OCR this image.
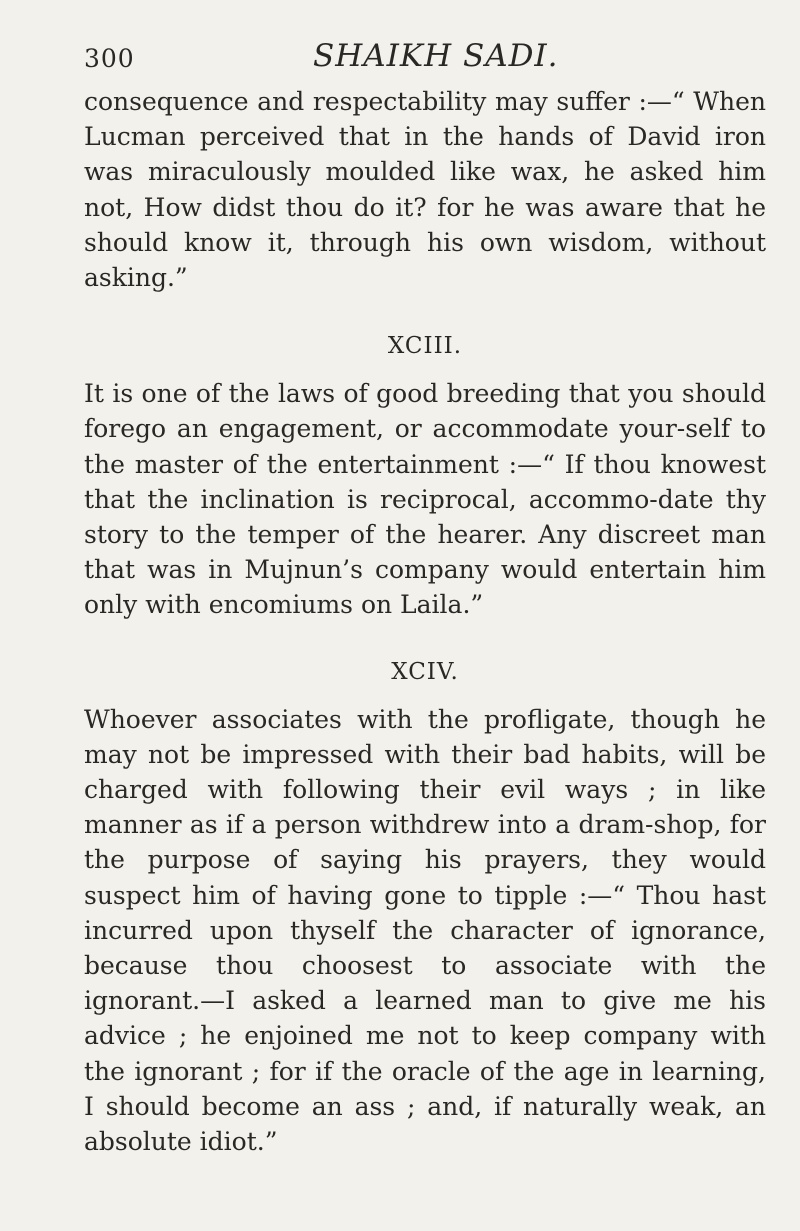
300	SHAIKH SADI.

consequence and respectability may suffer :—“ When Lucman perceived that in the hands of David iron was miraculously moulded like wax, he asked him not, How didst thou do it? for he was aware that he should know it, through his own wisdom, without asking.”

XCIII.

It is one of the laws of good breeding that you should forego an engagement, or accommodate your-self to the master of the entertainment :—“ If thou knowest that the inclination is reciprocal, accommo-date thy story to the temper of the hearer. Any discreet man that was in Mujnun’s company would entertain him only with encomiums on Laila.”

XCIV.

Whoever associates with the profligate, though he may not be impressed with their bad habits, will be charged with following their evil ways ; in like manner as if a person withdrew into a dram-shop, for the purpose of saying his prayers, they would suspect him of having gone to tipple :—“ Thou hast incurred upon thyself the character of ignorance, because thou choosest to associate with the ignorant.—I asked a learned man to give me his advice ; he enjoined me not to keep company with the ignorant ; for if the oracle of the age in learning, I should become an ass ; and, if naturally weak, an absolute idiot.”
